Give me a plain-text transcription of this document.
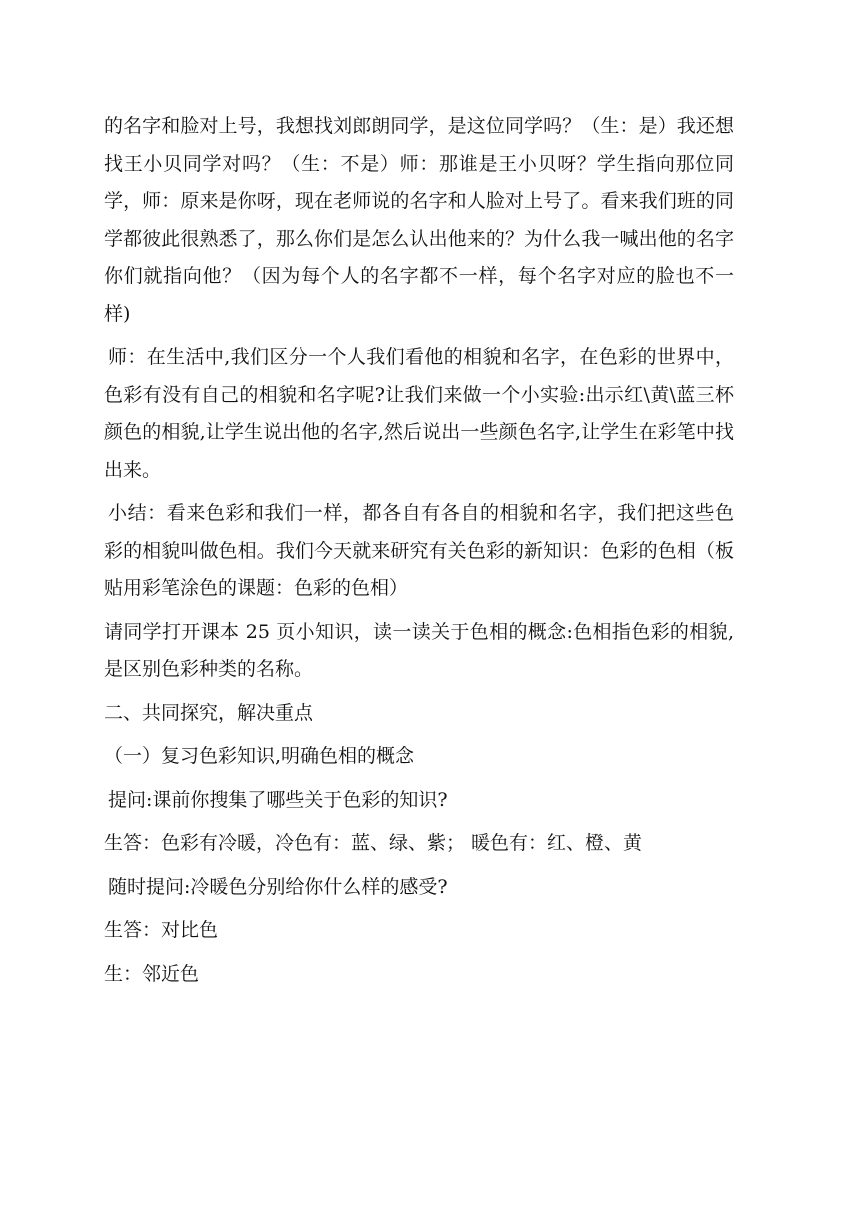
的名字和脸对上号，我想找刘郎朗同学，是这位同学吗？（生：是）我还想找王小贝同学对吗？（生：不是）师：那谁是王小贝呀？学生指向那位同学，师：原来是你呀，现在老师说的名字和人脸对上号了。看来我们班的同学都彼此很熟悉了，那么你们是怎么认出他来的？为什么我一喊出他的名字你们就指向他？（因为每个人的名字都不一样，每个名字对应的脸也不一样)

师：在生活中,我们区分一个人我们看他的相貌和名字，在色彩的世界中，色彩有没有自己的相貌和名字呢?让我们来做一个小实验:出示红\黄\蓝三杯颜色的相貌,让学生说出他的名字,然后说出一些颜色名字,让学生在彩笔中找出来。

小结：看来色彩和我们一样，都各自有各自的相貌和名字，我们把这些色彩的相貌叫做色相。我们今天就来研究有关色彩的新知识：色彩的色相（板贴用彩笔涂色的课题：色彩的色相）

请同学打开课本 25 页小知识，读一读关于色相的概念:色相指色彩的相貌,是区别色彩种类的名称。

二、共同探究，解决重点

（一）复习色彩知识,明确色相的概念

提问:课前你搜集了哪些关于色彩的知识?

生答：色彩有冷暖，冷色有：蓝、绿、紫； 暖色有：红、橙、黄

随时提问:冷暖色分别给你什么样的感受?

生答：对比色

生：邻近色
